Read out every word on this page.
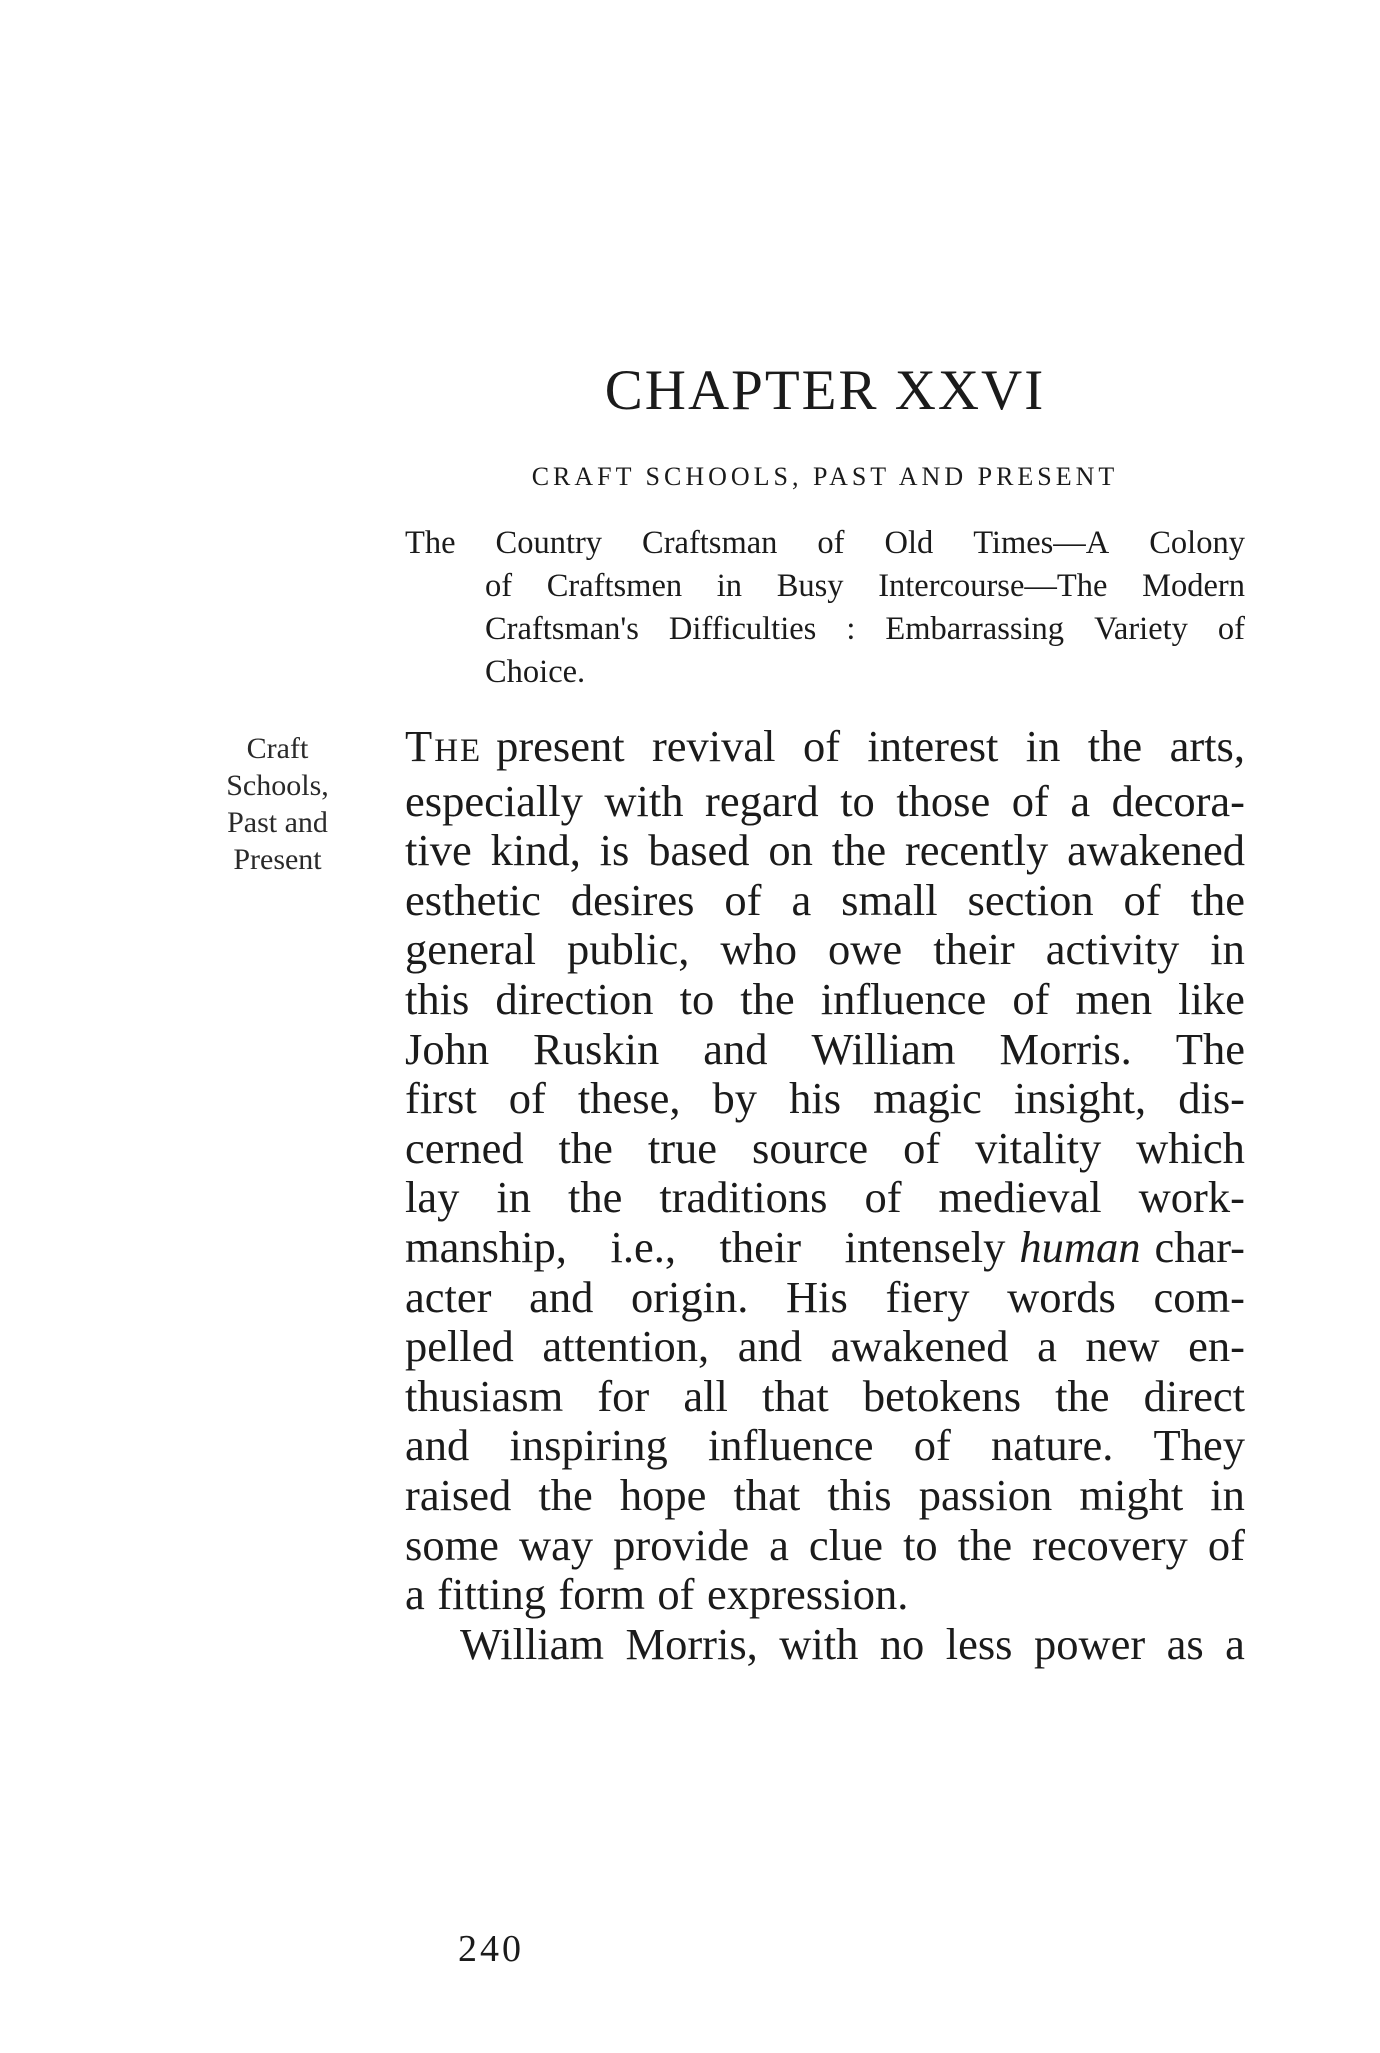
CHAPTER XXVI
CRAFT SCHOOLS, PAST AND PRESENT
The Country Craftsman of Old Times—A Colony
of Craftsmen in Busy Intercourse—The Modern
Craftsman's Difficulties : Embarrassing Variety of
Choice.
Craft
Schools,
Past and
Present
THE present revival of interest in the arts,
especially with regard to those of a decora-
tive kind, is based on the recently awakened
esthetic desires of a small section of the
general public, who owe their activity in
this direction to the influence of men like
John Ruskin and William Morris. The
first of these, by his magic insight, dis-
cerned the true source of vitality which
lay in the traditions of medieval work-
manship, i.e., their intensely human char-
acter and origin. His fiery words com-
pelled attention, and awakened a new en-
thusiasm for all that betokens the direct
and inspiring influence of nature. They
raised the hope that this passion might in
some way provide a clue to the recovery of
a fitting form of expression.
William Morris, with no less power as a
240
